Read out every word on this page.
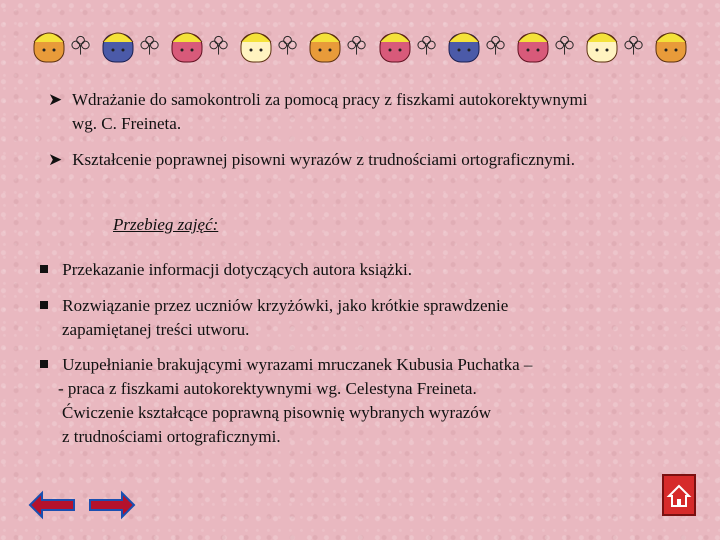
➤ Wdrażanie do samokontroli za pomocą pracy z fiszkami autokorektywnymi
wg. C. Freineta.
➤ Kształcenie poprawnej pisowni wyrazów z trudnościami ortograficznymi.
Przebieg zajęć:
Przekazanie informacji dotyczących autora książki.
Rozwiązanie przez uczniów krzyżówki, jako krótkie sprawdzenie
zapamiętanej treści utworu.
Uzupełnianie brakującymi wyrazami mruczanek Kubusia Puchatka –
- praca z fiszkami autokorektywnymi wg. Celestyna Freineta.
Ćwiczenie kształcące poprawną pisownię wybranych wyrazów
z trudnościami ortograficznymi.
